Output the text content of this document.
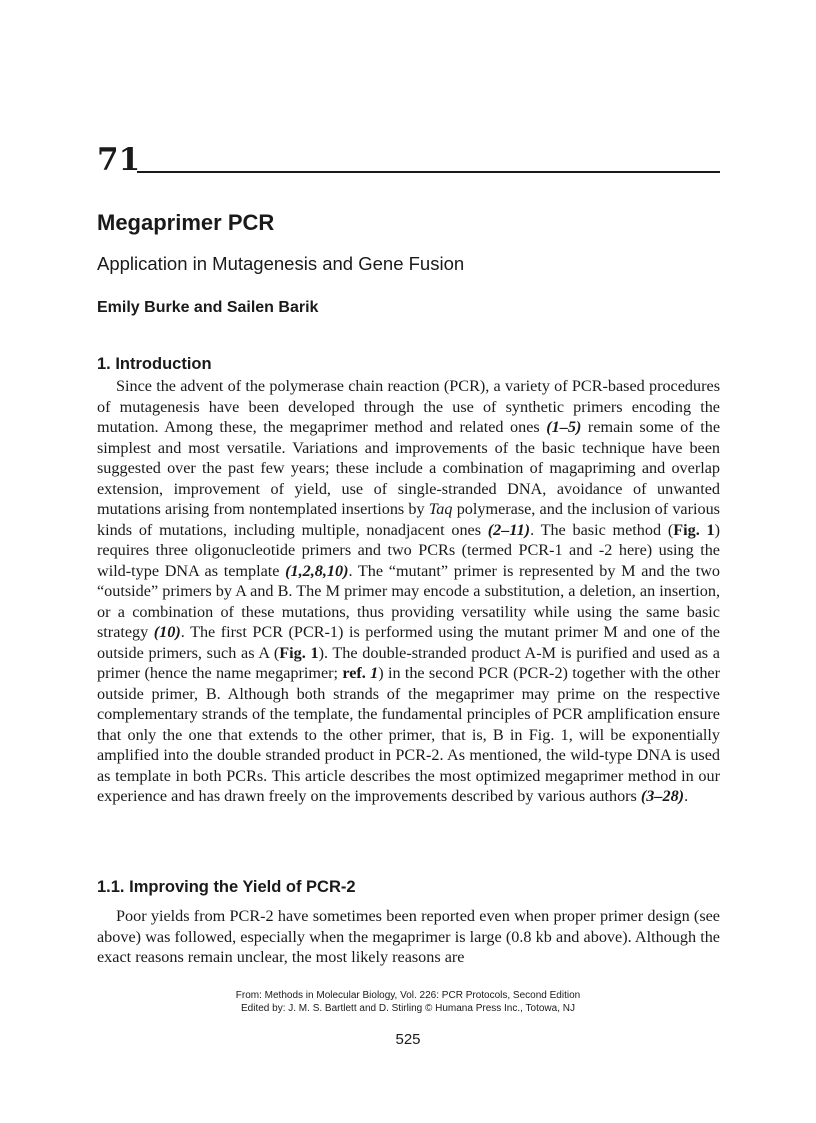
71
Megaprimer PCR
Application in Mutagenesis and Gene Fusion
Emily Burke and Sailen Barik
1. Introduction

Since the advent of the polymerase chain reaction (PCR), a variety of PCR-based procedures of mutagenesis have been developed through the use of synthetic primers encoding the mutation. Among these, the megaprimer method and related ones (1–5) remain some of the simplest and most versatile. Variations and improvements of the basic technique have been suggested over the past few years; these include a combination of magapriming and overlap extension, improvement of yield, use of single-stranded DNA, avoidance of unwanted mutations arising from nontemplated insertions by Taq polymerase, and the inclusion of various kinds of mutations, including multiple, nonadjacent ones (2–11). The basic method (Fig. 1) requires three oligonucleotide primers and two PCRs (termed PCR-1 and -2 here) using the wild-type DNA as template (1,2,8,10). The “mutant” primer is represented by M and the two “outside” primers by A and B. The M primer may encode a substitution, a deletion, an insertion, or a combination of these mutations, thus providing versatility while using the same basic strategy (10). The first PCR (PCR-1) is performed using the mutant primer M and one of the outside primers, such as A (Fig. 1). The double-stranded product A-M is purified and used as a primer (hence the name megaprimer; ref. 1) in the second PCR (PCR-2) together with the other outside primer, B. Although both strands of the megaprimer may prime on the respective complementary strands of the template, the fundamental principles of PCR amplification ensure that only the one that extends to the other primer, that is, B in Fig. 1, will be exponentially amplified into the double stranded product in PCR-2. As mentioned, the wild-type DNA is used as template in both PCRs. This article describes the most optimized megaprimer method in our experience and has drawn freely on the improvements described by various authors (3–28).

1.1. Improving the Yield of PCR-2

Poor yields from PCR-2 have sometimes been reported even when proper primer design (see above) was followed, especially when the megaprimer is large (0.8 kb and above). Although the exact reasons remain unclear, the most likely reasons are

From: Methods in Molecular Biology, Vol. 226: PCR Protocols, Second Edition
Edited by: J. M. S. Bartlett and D. Stirling © Humana Press Inc., Totowa, NJ
525
